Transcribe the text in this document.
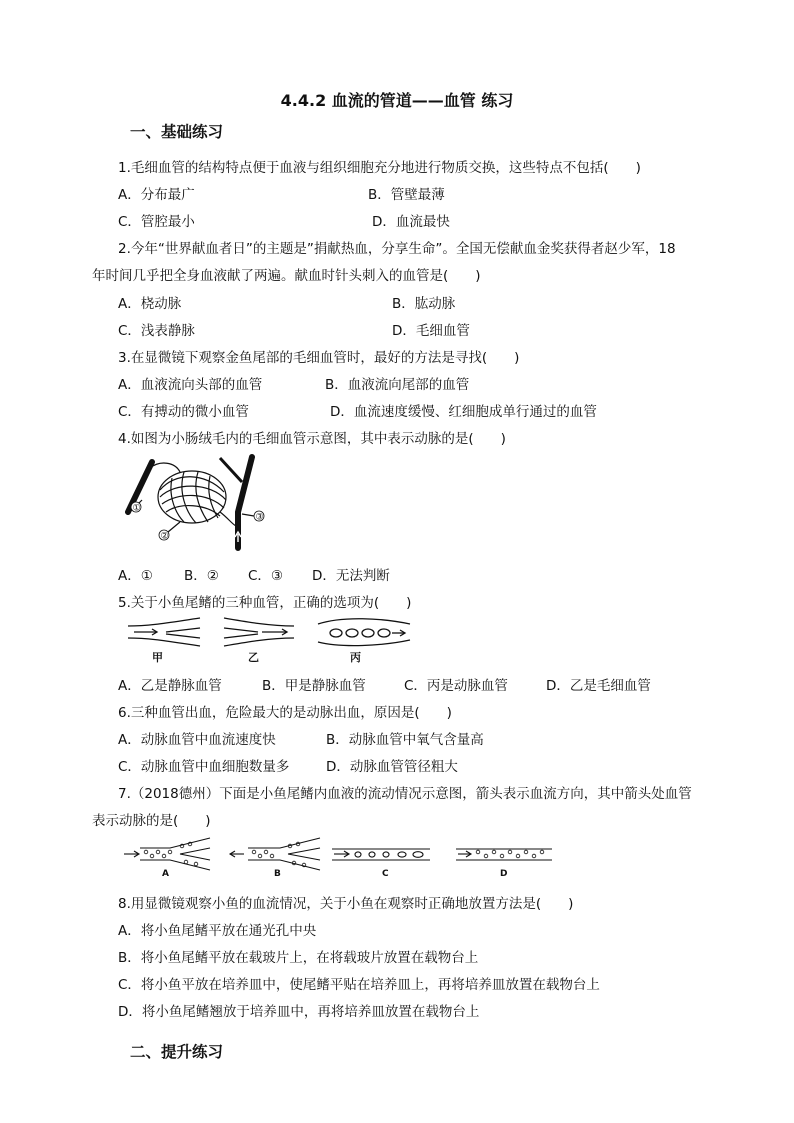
4.4.2 血流的管道——血管 练习
一、基础练习
1.毛细血管的结构特点便于血液与组织细胞充分地进行物质交换，这些特点不包括(　　)
A．分布最广	B．管壁最薄
C．管腔最小	D．血流最快
2.今年“世界献血者日”的主题是”捐献热血，分享生命”。全国无偿献血金奖获得者赵少军，18
年时间几乎把全身血液献了两遍。献血时针头刺入的血管是(　　)
A．桡动脉	B．肱动脉
C．浅表静脉	D．毛细血管
3.在显微镜下观察金鱼尾部的毛细血管时，最好的方法是寻找(　　)
A．血液流向头部的血管	B．血液流向尾部的血管
C．有搏动的微小血管	D．血流速度缓慢、红细胞成单行通过的血管
4.如图为小肠绒毛内的毛细血管示意图，其中表示动脉的是(　　)
①
②
③
A．① B．② C．③ D．无法判断
5.关于小鱼尾鳍的三种血管，正确的选项为(　　)
甲	乙	丙
A．乙是静脉血管	B．甲是静脉血管	C．丙是动脉血管	D．乙是毛细血管
6.三种血管出血，危险最大的是动脉出血，原因是(　　)
A．动脉血管中血流速度快	B．动脉血管中氧气含量高
C．动脉血管中血细胞数量多	D．动脉血管管径粗大
7.（2018德州）下面是小鱼尾鳍内血液的流动情况示意图，箭头表示血流方向，其中箭头处血管
表示动脉的是(　　)
A	B	C	D
8.用显微镜观察小鱼的血流情况，关于小鱼在观察时正确地放置方法是(　　)
A．将小鱼尾鳍平放在通光孔中央
B．将小鱼尾鳍平放在载玻片上，在将载玻片放置在载物台上
C．将小鱼平放在培养皿中，使尾鳍平贴在培养皿上，再将培养皿放置在载物台上
D．将小鱼尾鳍翘放于培养皿中，再将培养皿放置在载物台上
二、提升练习
